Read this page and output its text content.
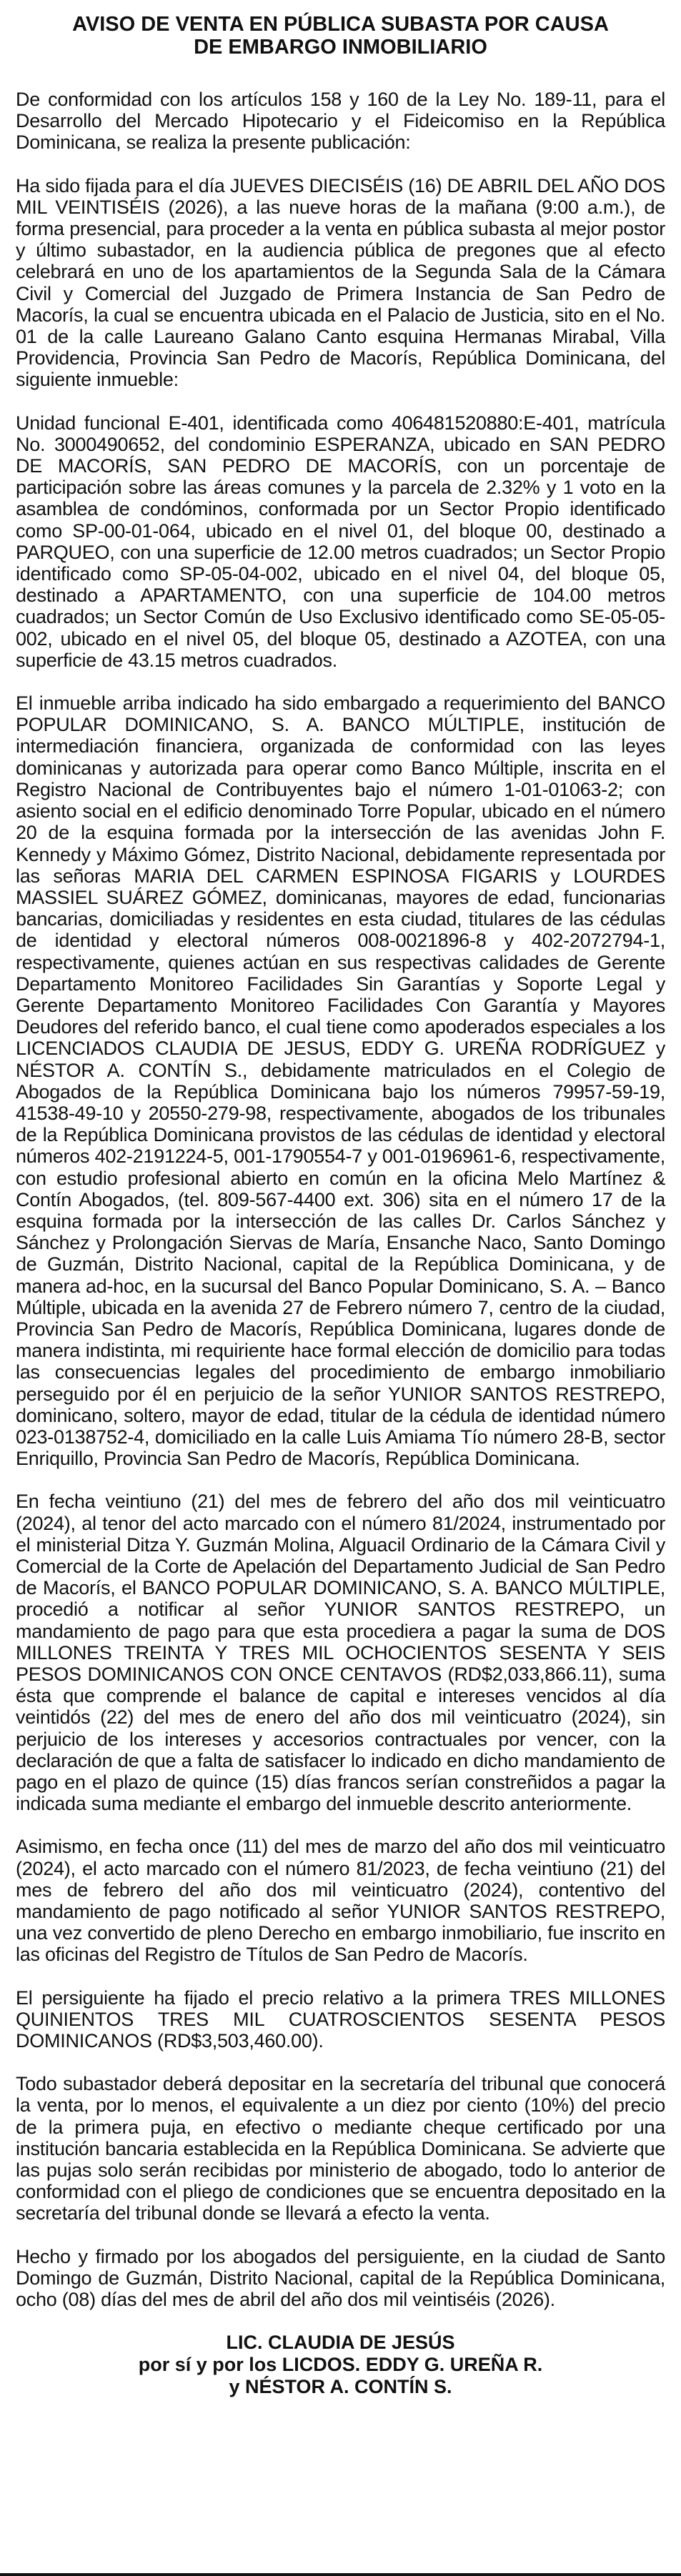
AVISO DE VENTA EN PÚBLICA SUBASTA POR CAUSA
DE EMBARGO INMOBILIARIO

De conformidad con los artículos 158 y 160 de la Ley No. 189-11, para el Desarrollo del Mercado Hipotecario y el Fideicomiso en la República Dominicana, se realiza la presente publicación:

Ha sido fijada para el día JUEVES DIECISÉIS (16) DE ABRIL DEL AÑO DOS MIL VEINTISÉIS (2026), a las nueve horas de la mañana (9:00 a.m.), de forma presencial, para proceder a la venta en pública subasta al mejor postor y último subastador, en la audiencia pública de pregones que al efecto celebrará en uno de los apartamientos de la Segunda Sala de la Cámara Civil y Comercial del Juzgado de Primera Instancia de San Pedro de Macorís, la cual se encuentra ubicada en el Palacio de Justicia, sito en el No. 01 de la calle Laureano Galano Canto esquina Hermanas Mirabal, Villa Providencia, Provincia San Pedro de Macorís, República Dominicana, del siguiente inmueble:

Unidad funcional E-401, identificada como 406481520880:E-401, matrícula No. 3000490652, del condominio ESPERANZA, ubicado en SAN PEDRO DE MACORÍS, SAN PEDRO DE MACORÍS, con un porcentaje de participación sobre las áreas comunes y la parcela de 2.32% y 1 voto en la asamblea de condóminos, conformada por un Sector Propio identificado como SP-00-01-064, ubicado en el nivel 01, del bloque 00, destinado a PARQUEO, con una superficie de 12.00 metros cuadrados; un Sector Propio identificado como SP-05-04-002, ubicado en el nivel 04, del bloque 05, destinado a APARTAMENTO, con una superficie de 104.00 metros cuadrados; un Sector Común de Uso Exclusivo identificado como SE-05-05-002, ubicado en el nivel 05, del bloque 05, destinado a AZOTEA, con una superficie de 43.15 metros cuadrados.

El inmueble arriba indicado ha sido embargado a requerimiento del BANCO POPULAR DOMINICANO, S. A. BANCO MÚLTIPLE, institución de intermediación financiera, organizada de conformidad con las leyes dominicanas y autorizada para operar como Banco Múltiple, inscrita en el Registro Nacional de Contribuyentes bajo el número 1-01-01063-2; con asiento social en el edificio denominado Torre Popular, ubicado en el número 20 de la esquina formada por la intersección de las avenidas John F. Kennedy y Máximo Gómez, Distrito Nacional, debidamente representada por las señoras MARIA DEL CARMEN ESPINOSA FIGARIS y LOURDES MASSIEL SUÁREZ GÓMEZ, dominicanas, mayores de edad, funcionarias bancarias, domiciliadas y residentes en esta ciudad, titulares de las cédulas de identidad y electoral números 008-0021896-8 y 402-2072794-1, respectivamente, quienes actúan en sus respectivas calidades de Gerente Departamento Monitoreo Facilidades Sin Garantías y Soporte Legal y Gerente Departamento Monitoreo Facilidades Con Garantía y Mayores Deudores del referido banco, el cual tiene como apoderados especiales a los LICENCIADOS CLAUDIA DE JESUS, EDDY G. UREÑA RODRÍGUEZ y NÉSTOR A. CONTÍN S., debidamente matriculados en el Colegio de Abogados de la República Dominicana bajo los números 79957-59-19, 41538-49-10 y 20550-279-98, respectivamente, abogados de los tribunales de la República Dominicana provistos de las cédulas de identidad y electoral números 402-2191224-5, 001-1790554-7 y 001-0196961-6, respectivamente, con estudio profesional abierto en común en la oficina Melo Martínez & Contín Abogados, (tel. 809-567-4400 ext. 306) sita en el número 17 de la esquina formada por la intersección de las calles Dr. Carlos Sánchez y Sánchez y Prolongación Siervas de María, Ensanche Naco, Santo Domingo de Guzmán, Distrito Nacional, capital de la República Dominicana, y de manera ad-hoc, en la sucursal del Banco Popular Dominicano, S. A. – Banco Múltiple, ubicada en la avenida 27 de Febrero número 7, centro de la ciudad, Provincia San Pedro de Macorís, República Dominicana, lugares donde de manera indistinta, mi requiriente hace formal elección de domicilio para todas las consecuencias legales del procedimiento de embargo inmobiliario perseguido por él en perjuicio de la señor YUNIOR SANTOS RESTREPO, dominicano, soltero, mayor de edad, titular de la cédula de identidad número 023-0138752-4, domiciliado en la calle Luis Amiama Tío número 28-B, sector Enriquillo, Provincia San Pedro de Macorís, República Dominicana.

En fecha veintiuno (21) del mes de febrero del año dos mil veinticuatro (2024), al tenor del acto marcado con el número 81/2024, instrumentado por el ministerial Ditza Y. Guzmán Molina, Alguacil Ordinario de la Cámara Civil y Comercial de la Corte de Apelación del Departamento Judicial de San Pedro de Macorís, el BANCO POPULAR DOMINICANO, S. A. BANCO MÚLTIPLE, procedió a notificar al señor YUNIOR SANTOS RESTREPO, un mandamiento de pago para que esta procediera a pagar la suma de DOS MILLONES TREINTA Y TRES MIL OCHOCIENTOS SESENTA Y SEIS PESOS DOMINICANOS CON ONCE CENTAVOS (RD$2,033,866.11), suma ésta que comprende el balance de capital e intereses vencidos al día veintidós (22) del mes de enero del año dos mil veinticuatro (2024), sin perjuicio de los intereses y accesorios contractuales por vencer, con la declaración de que a falta de satisfacer lo indicado en dicho mandamiento de pago en el plazo de quince (15) días francos serían constreñidos a pagar la indicada suma mediante el embargo del inmueble descrito anteriormente.

Asimismo, en fecha once (11) del mes de marzo del año dos mil veinticuatro (2024), el acto marcado con el número 81/2023, de fecha veintiuno (21) del mes de febrero del año dos mil veinticuatro (2024), contentivo del mandamiento de pago notificado al señor YUNIOR SANTOS RESTREPO, una vez convertido de pleno Derecho en embargo inmobiliario, fue inscrito en las oficinas del Registro de Títulos de San Pedro de Macorís.

El persiguiente ha fijado el precio relativo a la primera TRES MILLONES QUINIENTOS TRES MIL CUATROSCIENTOS SESENTA PESOS DOMINICANOS (RD$3,503,460.00).

Todo subastador deberá depositar en la secretaría del tribunal que conocerá la venta, por lo menos, el equivalente a un diez por ciento (10%) del precio de la primera puja, en efectivo o mediante cheque certificado por una institución bancaria establecida en la República Dominicana. Se advierte que las pujas solo serán recibidas por ministerio de abogado, todo lo anterior de conformidad con el pliego de condiciones que se encuentra depositado en la secretaría del tribunal donde se llevará a efecto la venta.

Hecho y firmado por los abogados del persiguiente, en la ciudad de Santo Domingo de Guzmán, Distrito Nacional, capital de la República Dominicana, ocho (08) días del mes de abril del año dos mil veintiséis (2026).

LIC. CLAUDIA DE JESÚS
por sí y por los LICDOS. EDDY G. UREÑA R.
y NÉSTOR A. CONTÍN S.
